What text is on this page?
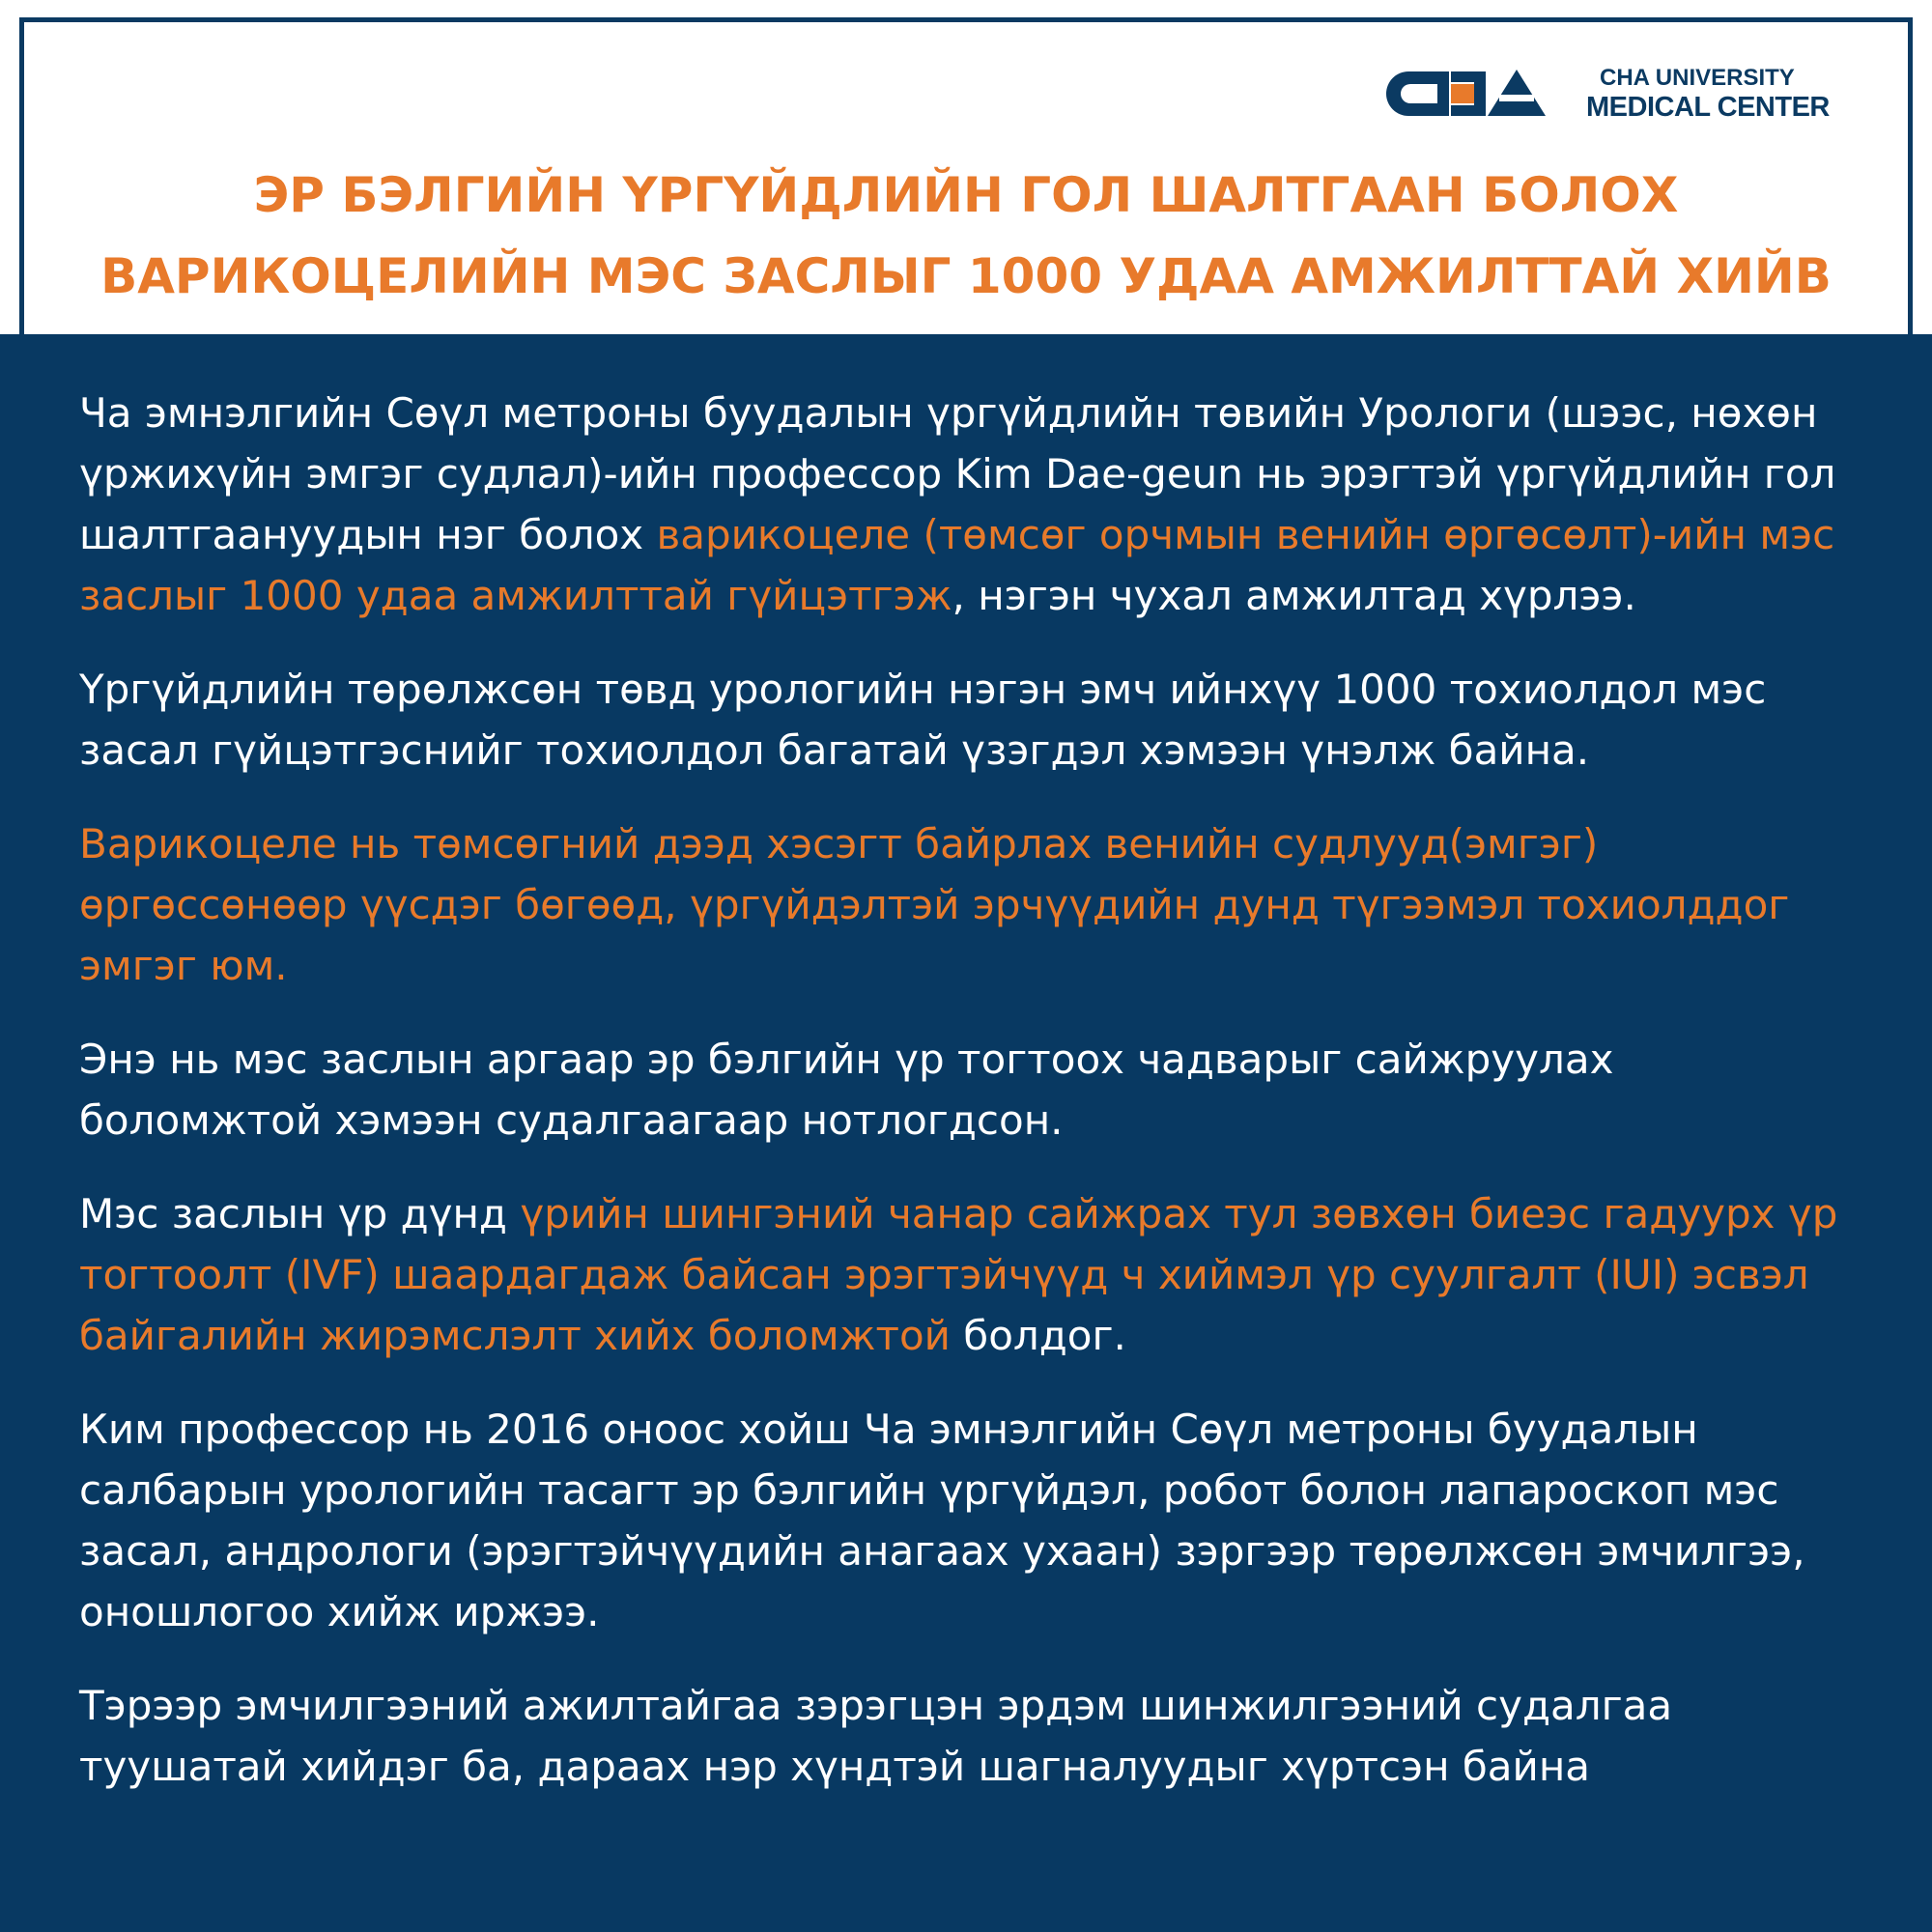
CHA UNIVERSITY
MEDICAL CENTER
ЭР БЭЛГИЙН ҮРГҮЙДЛИЙН ГОЛ ШАЛТГААН БОЛОХ
ВАРИКОЦЕЛИЙН МЭС ЗАСЛЫГ 1000 УДАА АМЖИЛТТАЙ ХИЙВ

Ча эмнэлгийн Сөүл метроны буудалын үргүйдлийн төвийн Урологи (шээс, нөхөн үржихүйн эмгэг судлал)-ийн профессор Kim Dae-geun нь эрэгтэй үргүйдлийн гол шалтгаануудын нэг болох варикоцеле (төмсөг орчмын венийн өргөсөлт)-ийн мэс заслыг 1000 удаа амжилттай гүйцэтгэж, нэгэн чухал амжилтад хүрлээ.

Үргүйдлийн төрөлжсөн төвд урологийн нэгэн эмч ийнхүү 1000 тохиолдол мэс засал гүйцэтгэснийг тохиолдол багатай үзэгдэл хэмээн үнэлж байна.

Варикоцеле нь төмсөгний дээд хэсэгт байрлах венийн судлууд(эмгэг) өргөссөнөөр үүсдэг бөгөөд, үргүйдэлтэй эрчүүдийн дунд түгээмэл тохиолддог эмгэг юм.

Энэ нь мэс заслын аргаар эр бэлгийн үр тогтоох чадварыг сайжруулах боломжтой хэмээн судалгаагаар нотлогдсон.

Мэс заслын үр дүнд үрийн шингэний чанар сайжрах тул зөвхөн биеэс гадуурх үр тогтоолт (IVF) шаардагдаж байсан эрэгтэйчүүд ч хиймэл үр суулгалт (IUI) эсвэл байгалийн жирэмслэлт хийх боломжтой болдог.

Ким профессор нь 2016 оноос хойш Ча эмнэлгийн Сөүл метроны буудалын салбарын урологийн тасагт эр бэлгийн үргүйдэл, робот болон лапароскоп мэс засал, андрологи (эрэгтэйчүүдийн анагаах ухаан) зэргээр төрөлжсөн эмчилгээ, оношлогоо хийж иржээ.

Тэрээр эмчилгээний ажилтайгаа зэрэгцэн эрдэм шинжилгээний судалгаа туушатай хийдэг ба, дараах нэр хүндтэй шагналуудыг хүртсэн байна
